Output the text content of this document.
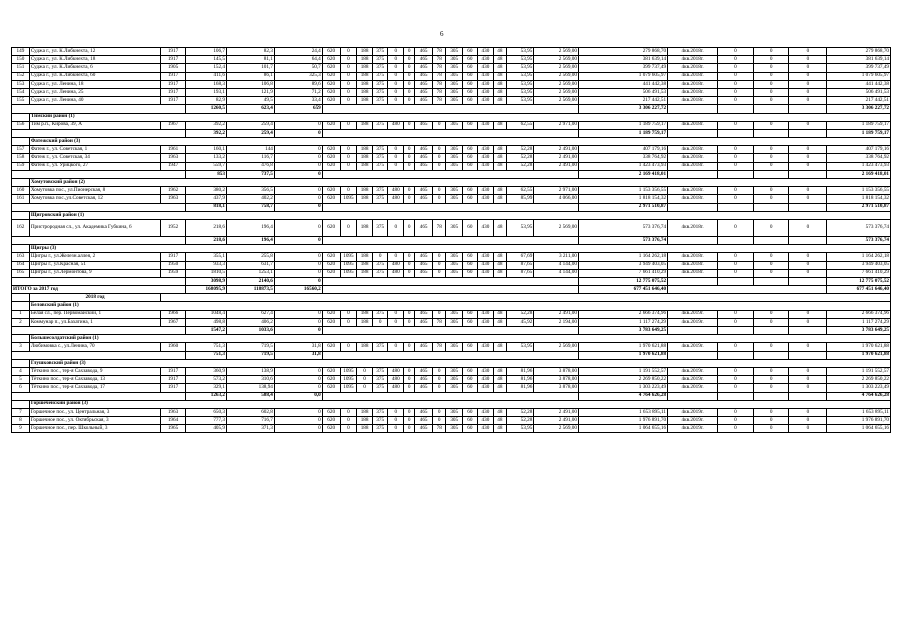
6
149	Суджа г., ул. К.Либкнехта, 12	1917	106,7	82,3	24,4	620	0	188	375	0	0	465	78	305	60	430	48	53,95	2 569,00	279 868,70	4кв.2018г.	0	0	0	279 868,70
150	Суджа г., ул. К.Либкнехта, 18	1917	145,5	81,1	64,4	620	0	188	375	0	0	465	78	305	60	430	48	53,95	2 569,00	381 639,14	4кв.2018г.	0	0	0	381 639,14
151	Суджа г., ул. К.Либкнехта, 6	1905	152,4	101,7	50,7	620	0	188	375	0	0	465	78	305	60	430	48	53,95	2 569,00	399 737,49	4кв.2018г.	0	0	0	399 737,49
152	Суджа г., ул. К.Либкнехта, 60	1917	411,6	86,1	325,3	620	0	188	375	0	0	465	78	305	60	430	48	53,95	2 569,00	1 079 605,97	4кв.2018г.	0	0	0	1 079 605,97
153	Суджа г., ул. Ленина, 18	1917	168,3	106,8	89,6	620	0	188	375	0	0	465	78	305	60	430	48	53,95	2 569,00	441 442,38	4кв.2018г.	0	0	0	441 442,38
154	Суджа г., ул. Ленина, 25	1917	193,1	121,9	71,2	620	0	188	375	0	0	465	78	305	60	430	48	53,95	2 569,00	506 491,53	4кв.2018г.	0	0	0	506 491,53
155	Суджа г., ул. Ленина, 40	1917	82,9	49,5	33,4	620	0	188	375	0	0	465	78	305	60	430	48	53,95	2 569,00	217 442,51	4кв.2018г.	0	0	0	217 442,51
			1260,5	623,4	659															3 306 227,72					3 306 227,72
	Тимский район (1)																								
156	Тим р.п., Кирова, 39, А	1967	392,2	259,4	0	620	0	188	375	480	0	465	0	305	60	430	48	62,55	2 971,00	1 189 759,17	4кв.2018г.	0	0	0	1 189 759,17
			392,2	259,4	0															1 189 759,17					1 189 759,17
	Фатежский район (3)																								
157	Фатеж г., ул. Советская, 1	1961	160,1	144	0	620	0	188	375	0	0	465	0	305	60	430	48	52,28	2 491,00	407 179,16	4кв.2018г.	0	0	0	407 179,16
158	Фатеж г., ул. Советская, 34	1963	133,2	116,7	0	620	0	188	375	0	0	465	0	305	60	430	48	52,28	2 491,00	338 764,92	4кв.2018г.	0	0	0	338 764,92
159	Фатеж г., ул. Урицкого, 27	1947	559,7	476,8	0	620	0	188	375	0	0	465	0	305	60	430	48	52,28	2 491,00	1 423 473,93	4кв.2018г.	0	0	0	1 423 473,93
			853	737,5	0															2 169 418,01					2 169 418,01
	Хомутовский район (2)																								
160	Хомутовка пос., ул.Пионерская, 8	1962	380,2	356,5	0	620	0	188	375	480	0	465	0	305	60	430	48	62,55	2 971,00	1 153 356,55	4кв.2018г.	0	0	0	1 153 356,55
161	Хомутовка пос.,ул.Советская, 12	1963	437,9	402,2	0	620	1095	188	375	480	0	465	0	305	60	430	48	85,99	4 066,00	1 818 154,32	4кв.2018г.	0	0	0	1 818 154,32
			818,1	758,7	0															2 971 510,87					2 971 510,87
	Щигровский район (1)																								
162	Пристрородная сл., ул. Академика Губкина, 6	1952	218,6	196,4	0	620	0	188	375	0	0	465	78	305	60	430	48	53,95	2 569,00	573 376,74	4кв.2018г.	0	0	0	573 376,74
			218,6	196,4	0															573 376,74					573 376,74
	Щигры (3)																								
163	Щигры г., ул.Железн.аллея, 2	1917	355,1	255,8	0	620	1095	188	0	0	0	465	0	305	60	430	48	67,69	3 211,00	1 164 262,18	4кв.2018г.	0	0	0	1 164 262,18
164	Щигры г., ул.Красная, 51	1950	933,3	631,7	0	620	1095	188	375	480	0	465	0	305	60	430	48	87,65	4 144,00	3 949 403,05	4кв.2018г.	0	0	0	3 949 403,05
165	Щигры г., ул.Лермонтова, 9	1959	1810,5	1253,1	0	620	1095	188	375	480	0	465	0	305	60	430	48	87,65	4 144,00	7 661 410,29	4кв.2018г.	0	0	0	7 661 410,29
			3098,9	2140,6	0															12 775 075,52					12 775 075,52
ИТОГО за 2017 год			168095,9	118873,5	16560,2															677 451 646,40					677 451 646,40
	2018 год																								
	Беловский район (1)																								
1	Белая сл., пер. Первомайский, 1	1966	1048,4	627,4	0	620	0	188	375	0	0	465	0	305	60	430	48	52,28	2 491,00	2 666 374,96	4кв.2019г.	0	0	0	2 666 374,96
2	Коммунар п., ул.Бахатина, 1	1967	498,8	406,2	0	620	0	188	0	0	0	465	78	305	60	430	48	45,92	2 194,00	1 117 274,29	4кв.2019г.	0	0	0	1 117 274,29
			1547,2	1033,6	0															3 783 649,25					3 783 649,25
	Большесолдатский район (1)																								
3	Любимовка с., ул.Ленина, 70	1960	751,3	719,5	31,8	620	0	188	375	0	0	465	78	305	60	430	48	53,95	2 569,00	1 970 621,88	4кв.2019г.	0	0	0	1 970 621,88
			751,3	719,5	31,8															1 970 621,88					1 970 621,88
	Глушковский район (3)																								
4	Тёткино пос., тер-я Сахзавода, 9	1917	360,9	138,9	0	620	1095	0	375	480	0	465	0	305	60	430	48	81,96	3 878,00	1 191 552,57	4кв.2019г.	0	0	0	1 191 552,57
5	Тёткино пос., тер-я Сахзавода, 13	1917	573,2	310,6	0	620	1095	0	375	480	0	465	0	305	60	430	48	81,96	3 878,00	2 269 850,22	4кв.2019г.	0	0	0	2 269 850,22
6	Тёткино пос., тер-я Сахзавода, 17	1917	329,1	138,94	0	620	1095	0	375	480	0	465	0	305	60	430	48	81,96	3 878,00	1 303 223,49	4кв.2019г.	0	0	0	1 303 223,49
			1263,2	588,4	0,0															4 764 626,28					4 764 626,28
	Горшеченский район (3)																								
7	Горшечное пос., ул. Центральная, 3	1963	650,3	602,8	0	620	0	188	375	0	0	465	0	305	60	430	48	52,28	2 491,00	1 653 895,11	4кв.2019г.	0	0	0	1 653 895,11
8	Горшечное пос., ул. Октябрьская, 3	1964	777,3	716,7	0	620	0	188	375	0	0	465	0	305	60	430	48	52,28	2 491,00	1 976 891,70	4кв.2019г.	0	0	0	1 976 891,70
9	Горшечное пос., пер. Школьный, 3	1965	405,9	371,3	0	620	0	188	375	0	0	465	78	305	60	430	48	53,95	2 569,00	1 064 655,16	4кв.2019г.	0	0	0	1 064 655,16
